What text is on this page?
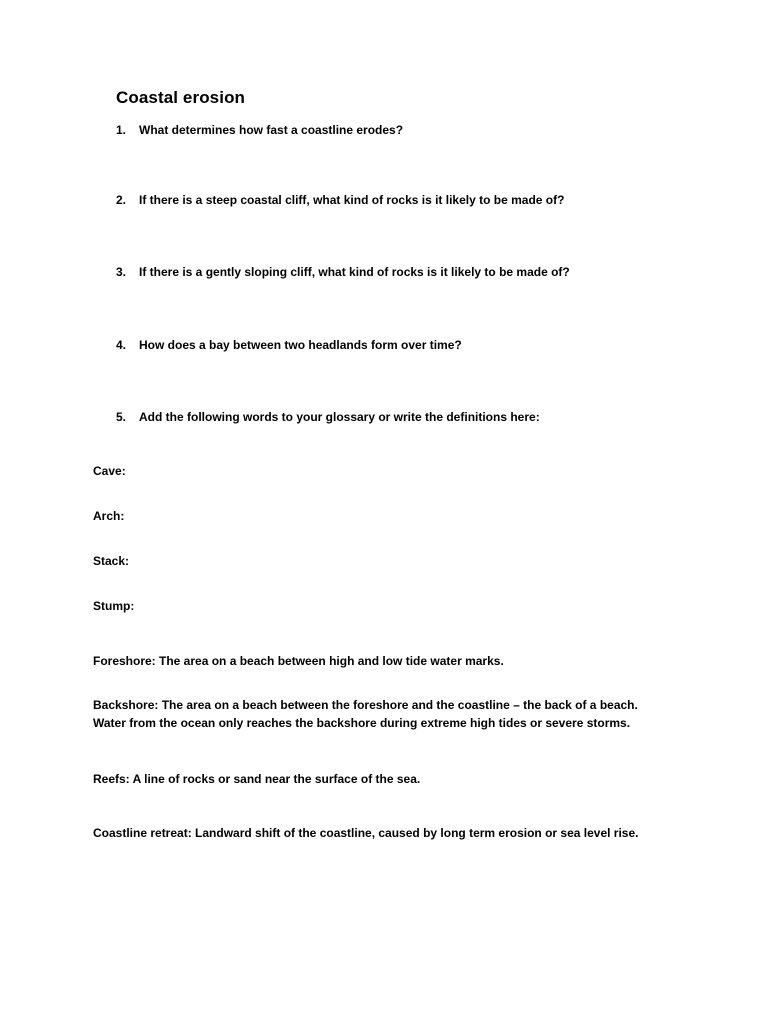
Coastal erosion
1. What determines how fast a coastline erodes?
2. If there is a steep coastal cliff, what kind of rocks is it likely to be made of?
3. If there is a gently sloping cliff, what kind of rocks is it likely to be made of?
4. How does a bay between two headlands form over time?
5. Add the following words to your glossary or write the definitions here:
Cave:
Arch:
Stack:
Stump:
Foreshore: The area on a beach between high and low tide water marks.
Backshore: The area on a beach between the foreshore and the coastline – the back of a beach.
Water from the ocean only reaches the backshore during extreme high tides or severe storms.
Reefs: A line of rocks or sand near the surface of the sea.
Coastline retreat: Landward shift of the coastline, caused by long term erosion or sea level rise.
